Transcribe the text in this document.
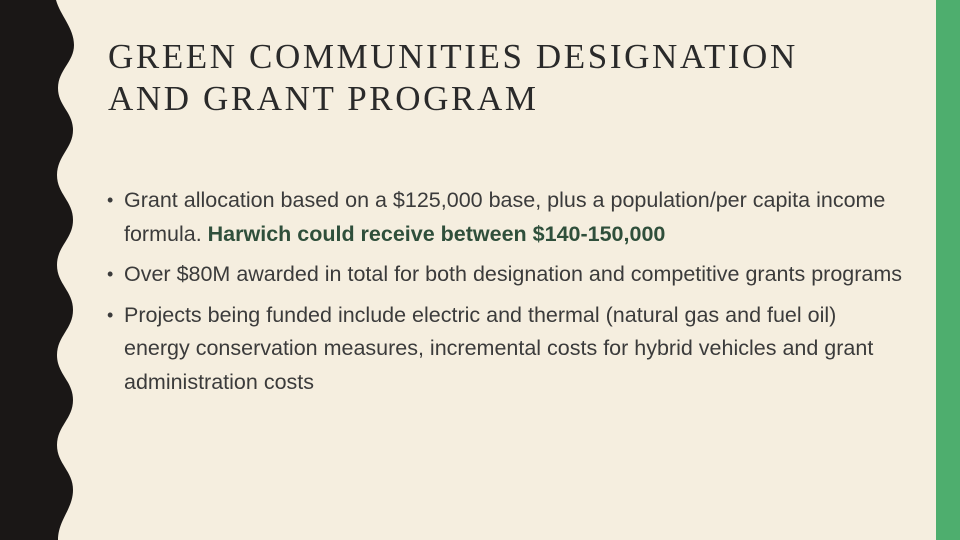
GREEN COMMUNITIES DESIGNATION
AND GRANT PROGRAM
• Grant allocation based on a $125,000 base, plus a population/per capita income formula. Harwich could receive between $140-150,000
• Over $80M awarded in total for both designation and competitive grants programs
• Projects being funded include electric and thermal (natural gas and fuel oil) energy conservation measures, incremental costs for hybrid vehicles and grant administration costs
